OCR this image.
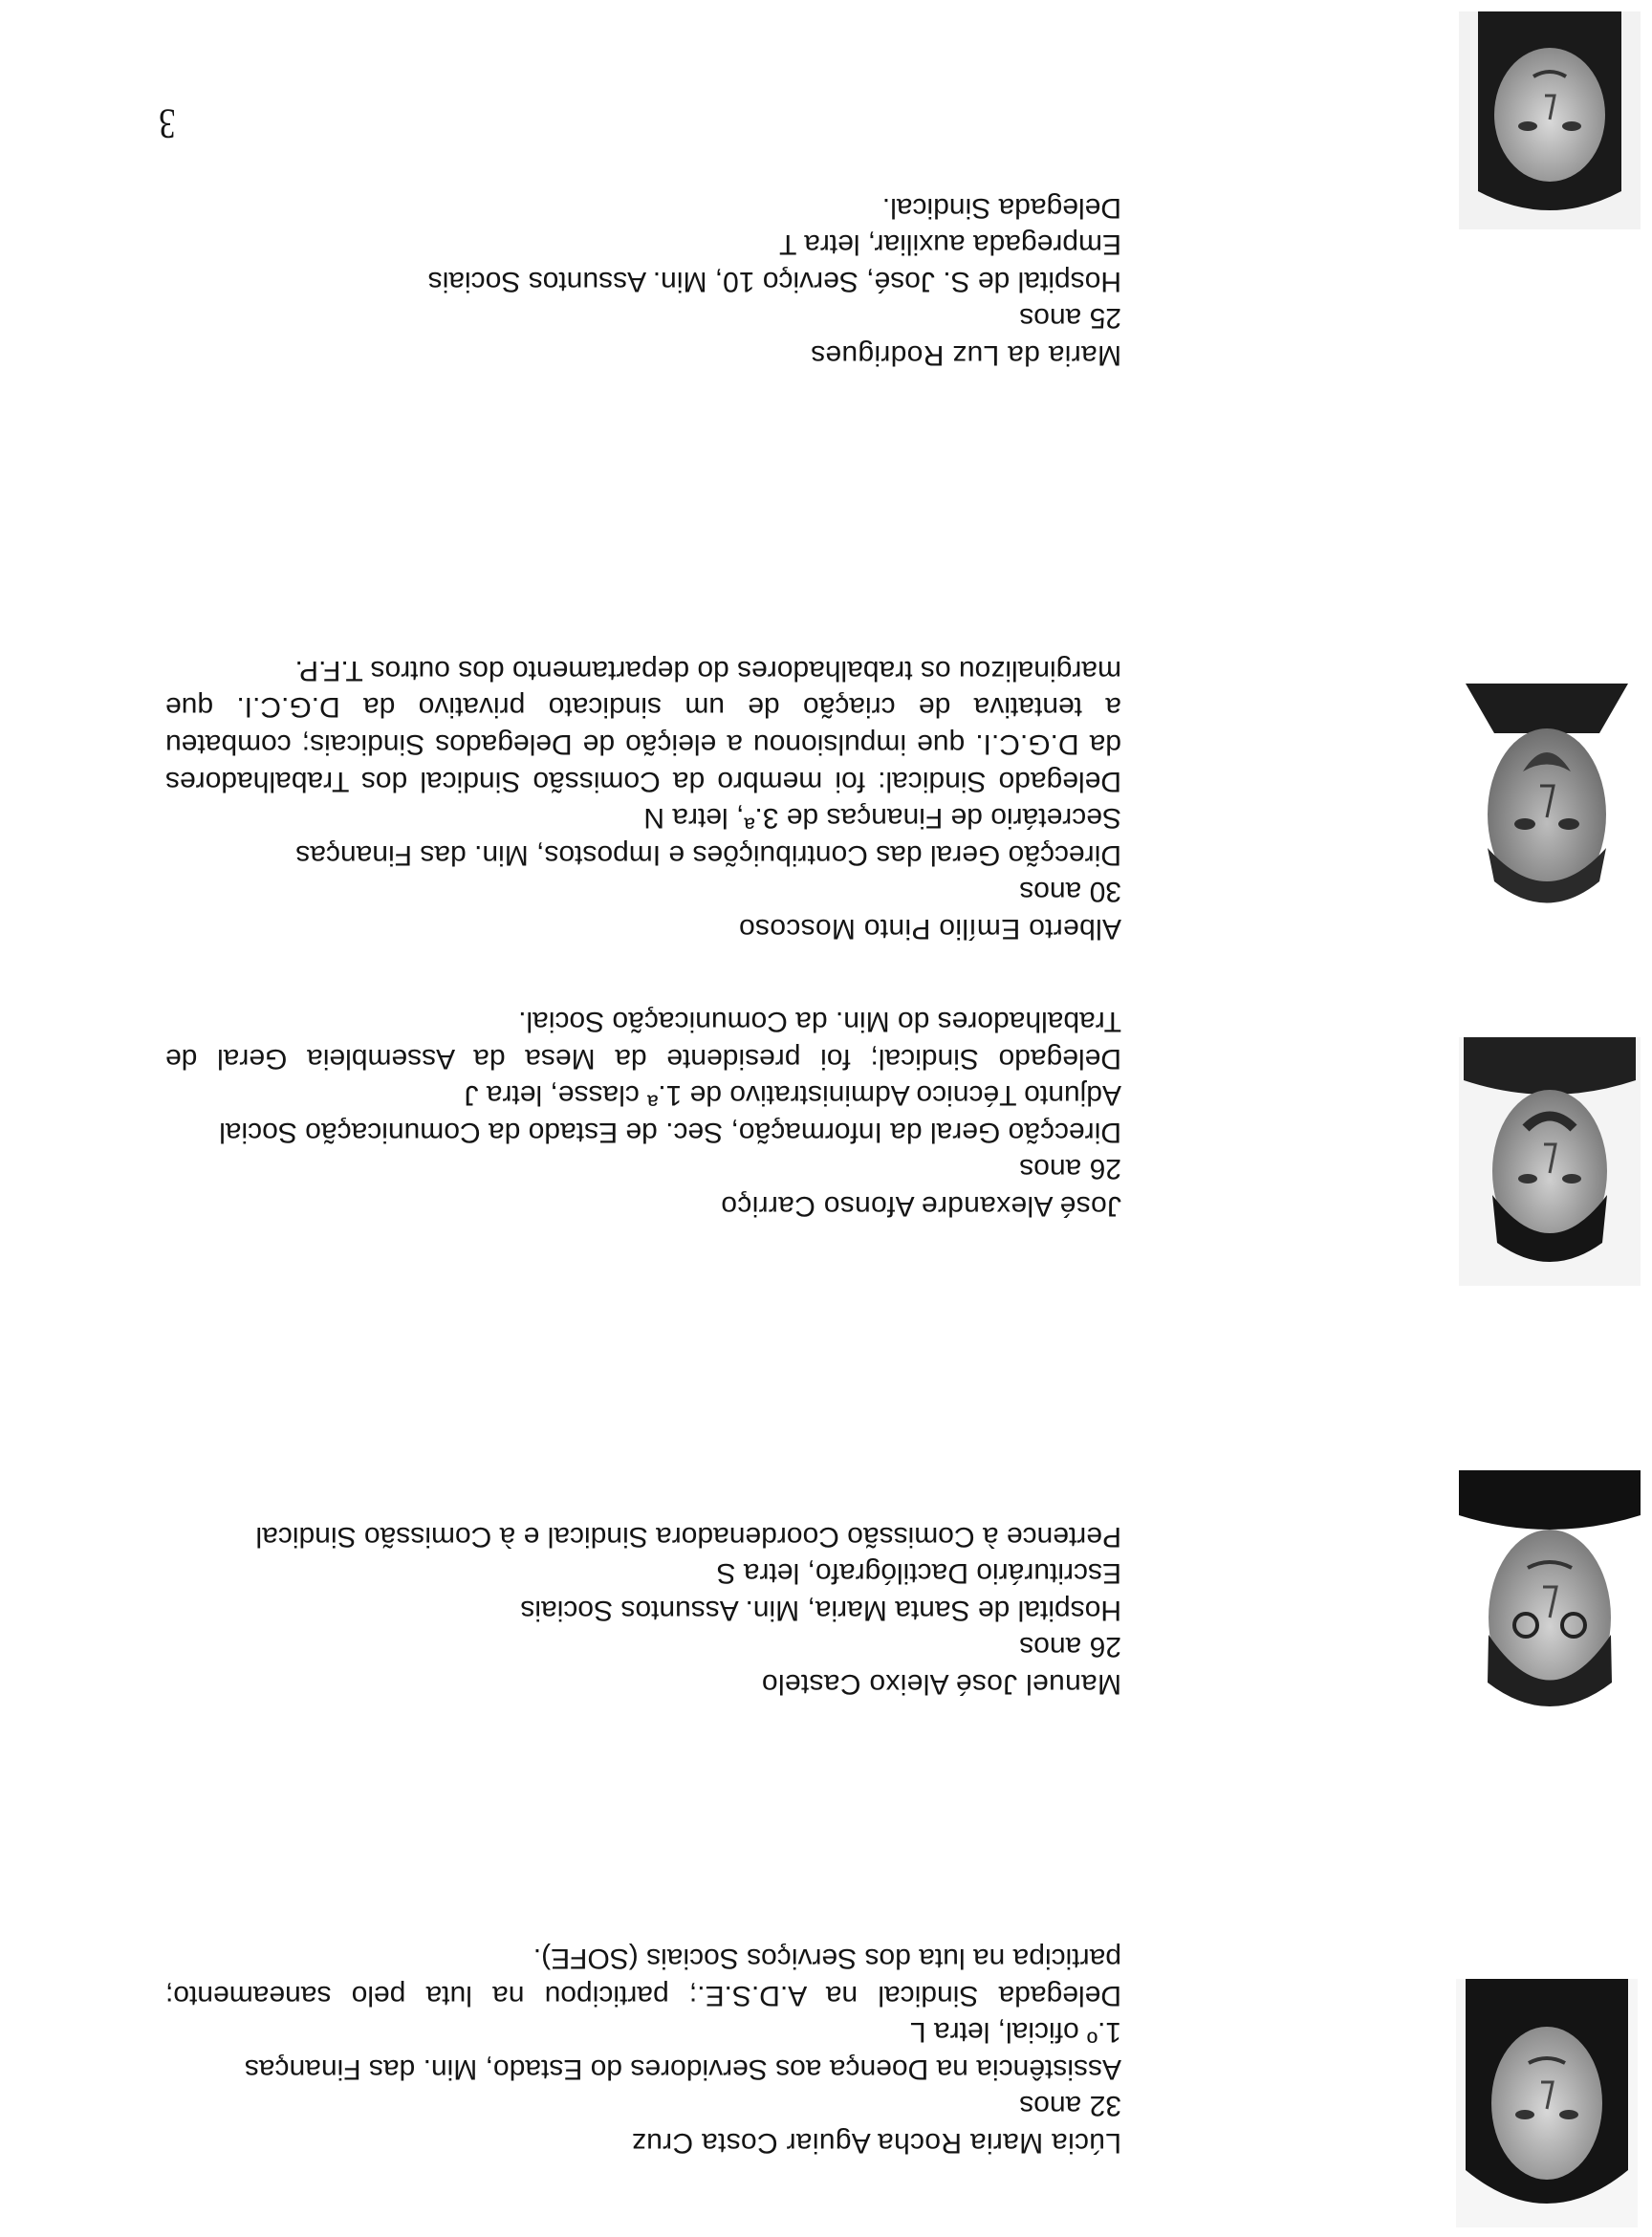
3

Maria da Luz Rodrigues

25 anos

Hospital de S. José, Serviço 10, Min. Assuntos Sociais

Empregada auxiliar, letra T

Delegada Sindical.

Alberto Emílio Pinto Moscoso

30 anos

Direcção Geral das Contribuições e Impostos, Min. das Finanças

Secretário de Finanças de 3.ª, letra N

Delegado Sindical: foi membro da Comissão Sindical dos Trabalhadores da D.G.C.I. que impulsionou a eleição de Delegados Sindicais; combateu a tentativa de criação de um sindicato privativo da D.G.C.I. que marginalizou os trabalhadores do departamento dos outros T.F.P.

José Alexandre Afonso Carriço

26 anos

Direcção Geral da Informação, Sec. de Estado da Comunicação Social

Adjunto Técnico Administrativo de 1.ª classe, letra J

Delegado Sindical; foi presidente da Mesa da Assembleia Geral de Trabalhadores do Min. da Comunicação Social.

Manuel José Aleixo Castelo

26 anos

Hospital de Santa Maria, Min. Assuntos Sociais

Escriturário Dactilógrafo, letra S

Pertence à Comissão Coordenadora Sindical e à Comissão Sindical

Lúcia Maria Rocha Aguiar Costa Cruz

32 anos

Assistência na Doença aos Servidores do Estado, Min. das Finanças

1.º oficial, letra L

Delegada Sindical na A.D.S.E.; participou na luta pelo saneamento; participa na luta dos Serviços Sociais (SOFE).
